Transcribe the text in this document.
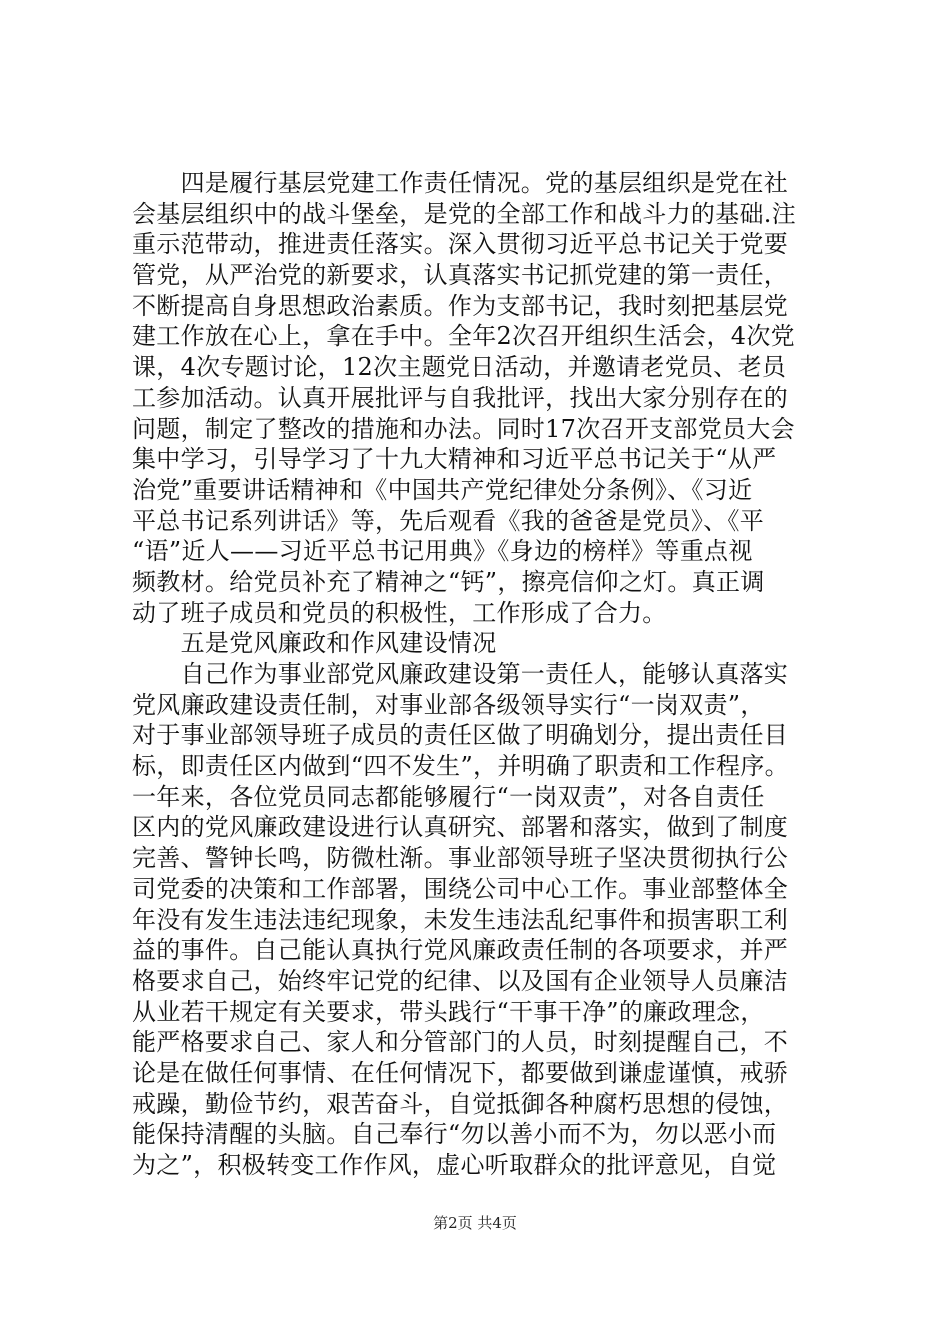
　　四是履行基层党建工作责任情况。党的基层组织是党在社
会基层组织中的战斗堡垒，是党的全部工作和战斗力的基础.注
重示范带动，推进责任落实。深入贯彻习近平总书记关于党要
管党，从严治党的新要求，认真落实书记抓党建的第一责任，
不断提高自身思想政治素质。作为支部书记，我时刻把基层党
建工作放在心上，拿在手中。全年2次召开组织生活会，4次党
课，4次专题讨论，12次主题党日活动，并邀请老党员、老员
工参加活动。认真开展批评与自我批评，找出大家分别存在的
问题，制定了整改的措施和办法。同时17次召开支部党员大会
集中学习，引导学习了十九大精神和习近平总书记关于“从严
治党”重要讲话精神和《中国共产党纪律处分条例》、《习近
平总书记系列讲话》等，先后观看《我的爸爸是党员》、《平
“语”近人——习近平总书记用典》《身边的榜样》等重点视
频教材。给党员补充了精神之“钙”，擦亮信仰之灯。真正调
动了班子成员和党员的积极性，工作形成了合力。
　　五是党风廉政和作风建设情况
　　自己作为事业部党风廉政建设第一责任人，能够认真落实
党风廉政建设责任制，对事业部各级领导实行“一岗双责”，
对于事业部领导班子成员的责任区做了明确划分，提出责任目
标，即责任区内做到“四不发生”，并明确了职责和工作程序。
一年来，各位党员同志都能够履行“一岗双责”，对各自责任
区内的党风廉政建设进行认真研究、部署和落实，做到了制度
完善、警钟长鸣，防微杜渐。事业部领导班子坚决贯彻执行公
司党委的决策和工作部署，围绕公司中心工作。事业部整体全
年没有发生违法违纪现象，未发生违法乱纪事件和损害职工利
益的事件。自己能认真执行党风廉政责任制的各项要求，并严
格要求自己，始终牢记党的纪律、以及国有企业领导人员廉洁
从业若干规定有关要求，带头践行“干事干净”的廉政理念，
能严格要求自己、家人和分管部门的人员，时刻提醒自己，不
论是在做任何事情、在任何情况下，都要做到谦虚谨慎，戒骄
戒躁，勤俭节约，艰苦奋斗，自觉抵御各种腐朽思想的侵蚀，
能保持清醒的头脑。自己奉行“勿以善小而不为，勿以恶小而
为之”，积极转变工作作风，虚心听取群众的批评意见，自觉
第2页 共4页
